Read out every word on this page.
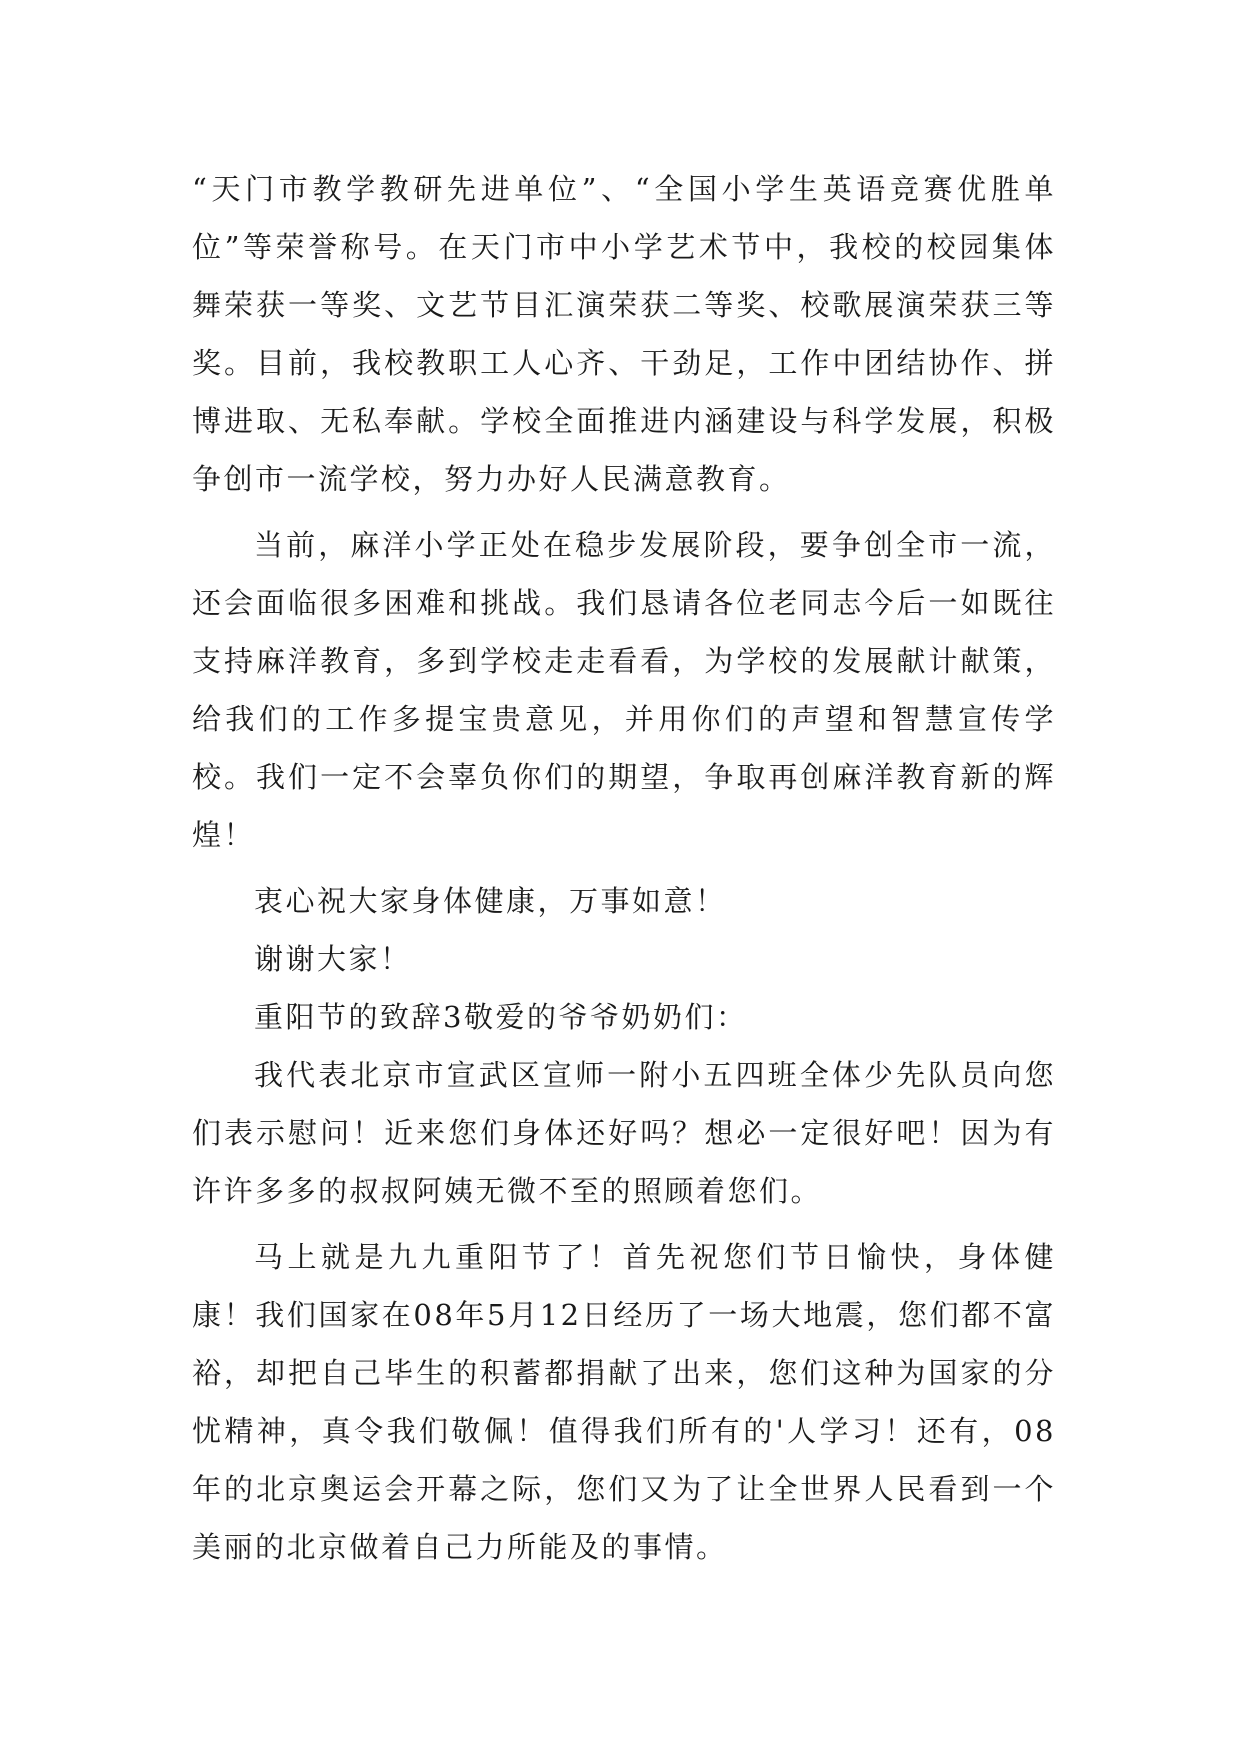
“天门市教学教研先进单位”、“全国小学生英语竞赛优胜单位”等荣誉称号。在天门市中小学艺术节中，我校的校园集体舞荣获一等奖、文艺节目汇演荣获二等奖、校歌展演荣获三等奖。目前，我校教职工人心齐、干劲足，工作中团结协作、拼博进取、无私奉献。学校全面推进内涵建设与科学发展，积极争创市一流学校，努力办好人民满意教育。

当前，麻洋小学正处在稳步发展阶段，要争创全市一流，还会面临很多困难和挑战。我们恳请各位老同志今后一如既往支持麻洋教育，多到学校走走看看，为学校的发展献计献策，给我们的工作多提宝贵意见，并用你们的声望和智慧宣传学校。我们一定不会辜负你们的期望，争取再创麻洋教育新的辉煌！

衷心祝大家身体健康，万事如意！

谢谢大家！

重阳节的致辞3敬爱的爷爷奶奶们：

我代表北京市宣武区宣师一附小五四班全体少先队员向您们表示慰问！近来您们身体还好吗？想必一定很好吧！因为有许许多多的叔叔阿姨无微不至的照顾着您们。

马上就是九九重阳节了！首先祝您们节日愉快，身体健康！我们国家在08年5月12日经历了一场大地震，您们都不富裕，却把自己毕生的积蓄都捐献了出来，您们这种为国家的分忧精神，真令我们敬佩！值得我们所有的'人学习！还有，08年的北京奥运会开幕之际，您们又为了让全世界人民看到一个美丽的北京做着自己力所能及的事情。
